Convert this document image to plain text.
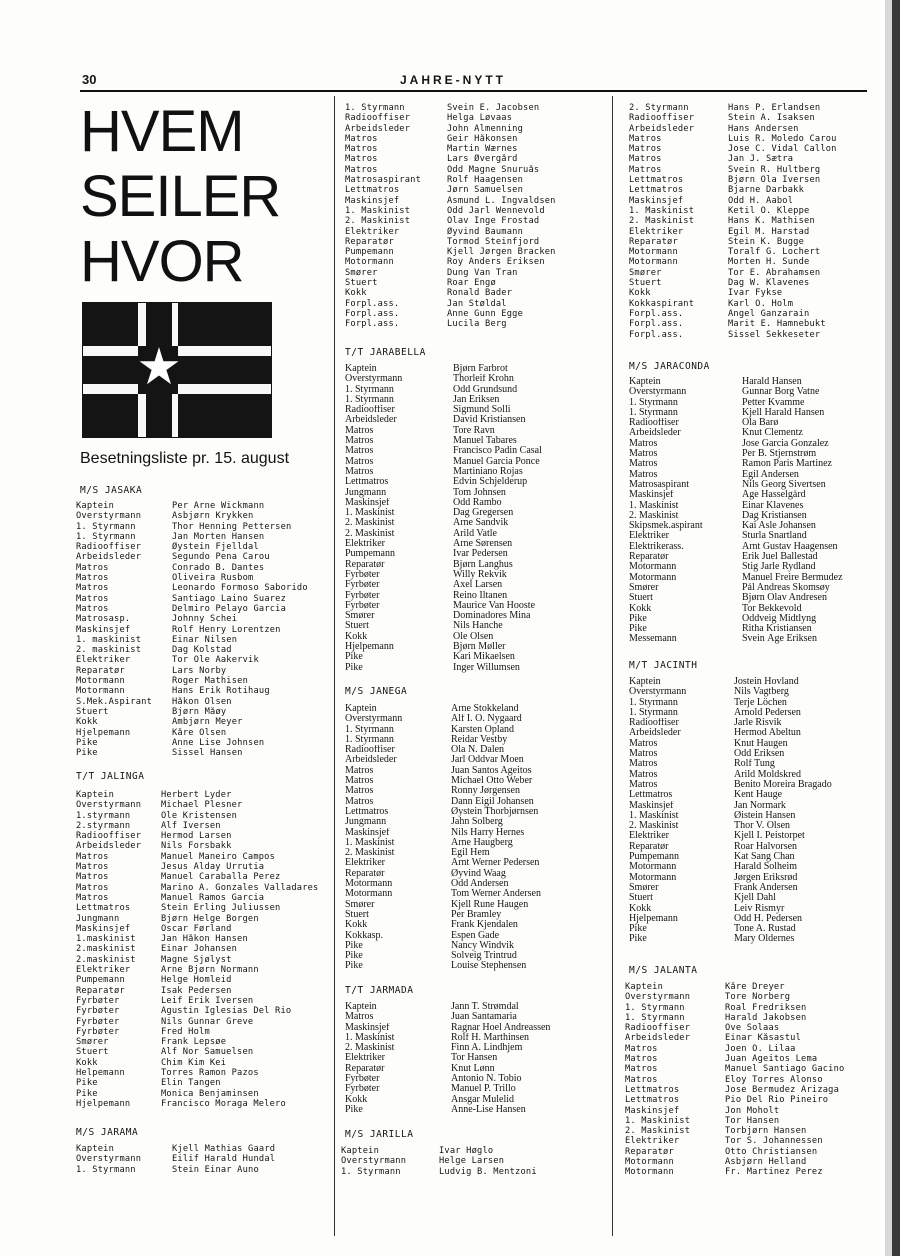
30	JAHRE-NYTT
HVEM
SEILER
HVOR
Besetningsliste pr. 15. august
M/S JASAKA
Kaptein	Per Arne Wickmann
Overstyrmann	Asbjørn Krykken
1. Styrmann	Thor Henning Pettersen
1. Styrmann	Jan Morten Hansen
Radiooffiser	Øystein Fjelldal
Arbeidsleder	Segundo Pena Carou
Matros	Conrado B. Dantes
Matros	Oliveira Rusbom
Matros	Leonardo Formoso Saborido
Matros	Santiago Laino Suarez
Matros	Delmiro Pelayo Garcia
Matrosasp.	Johnny Schei
Maskinsjef	Rolf Henry Lorentzen
1. maskinist	Einar Nilsen
2. maskinist	Dag Kolstad
Elektriker	Tor Ole Aakervik
Reparatør	Lars Norby
Motormann	Roger Mathisen
Motormann	Hans Erik Rotihaug
S.Mek.Aspirant	Håkon Olsen
Stuert	Bjørn Måøy
Kokk	Ambjørn Meyer
Hjelpemann	Kåre Olsen
Pike	Anne Lise Johnsen
Pike	Sissel Hansen
T/T JALINGA
Kaptein	Herbert Lyder
Overstyrmann	Michael Plesner
1.styrmann	Ole Kristensen
2.styrmann	Alf Iversen
Radiooffiser	Hermod Larsen
Arbeidsleder	Nils Forsbakk
Matros	Manuel Maneiro Campos
Matros	Jesus Alday Urrutia
Matros	Manuel Caraballa Perez
Matros	Marino A. Gonzales Valladares
Matros	Manuel Ramos Garcia
Lettmatros	Stein Erling Juliussen
Jungmann	Bjørn Helge Borgen
Maskinsjef	Oscar Førland
1.maskinist	Jan Håkon Hansen
2.maskinist	Einar Johansen
2.maskinist	Magne Sjølyst
Elektriker	Arne Bjørn Normann
Pumpemann	Helge Homleid
Reparatør	Isak Pedersen
Fyrbøter	Leif Erik Iversen
Fyrbøter	Agustin Iglesias Del Rio
Fyrbøter	Nils Gunnar Greve
Fyrbøter	Fred Holm
Smører	Frank Lepsøe
Stuert	Alf Nor Samuelsen
Kokk	Chim Kim Kei
Helpemann	Torres Ramon Pazos
Pike	Elin Tangen
Pike	Monica Benjaminsen
Hjelpemann	Francisco Moraga Melero
M/S JARAMA
Kaptein	Kjell Mathias Gaard
Overstyrmann	Eilif Harald Hundal
1. Styrmann	Stein Einar Auno
1. Styrmann	Svein E. Jacobsen
Radiooffiser	Helga Løvaas
Arbeidsleder	John Almenning
Matros	Geir Håkonsen
Matros	Martin Wærnes
Matros	Lars Øvergård
Matros	Odd Magne Snuruås
Matrosaspirant	Rolf Haagensen
Lettmatros	Jørn Samuelsen
Maskinsjef	Asmund L. Ingvaldsen
1. Maskinist	Odd Jarl Wennevold
2. Maskinist	Olav Inge Frostad
Elektriker	Øyvind Baumann
Reparatør	Tormod Steinfjord
Pumpemann	Kjell Jørgen Bracken
Motormann	Roy Anders Eriksen
Smører	Dung Van Tran
Stuert	Roar Engø
Kokk	Ronald Bader
Forpl.ass.	Jan Støldal
Forpl.ass.	Anne Gunn Egge
Forpl.ass.	Lucila Berg
T/T JARABELLA
Kaptein	Bjørn Farbrot
Overstyrmann	Thorleif Krohn
1. Styrmann	Odd Grundsund
1. Styrmann	Jan Eriksen
Radiooffiser	Sigmund Solli
Arbeidsleder	David Kristiansen
Matros	Tore Ravn
Matros	Manuel Tabares
Matros	Francisco Padin Casal
Matros	Manuel Garcia Ponce
Matros	Martiniano Rojas
Lettmatros	Edvin Schjelderup
Jungmann	Tom Johnsen
Maskinsjef	Odd Rambo
1. Maskinist	Dag Gregersen
2. Maskinist	Arne Sandvik
2. Maskinist	Arild Vatle
Elektriker	Arne Sørensen
Pumpemann	Ivar Pedersen
Reparatør	Bjørn Langhus
Fyrbøter	Willy Rekvik
Fyrbøter	Axel Larsen
Fyrbøter	Reino Iltanen
Fyrbøter	Maurice Van Hooste
Smører	Dominadores Mina
Stuert	Nils Hanche
Kokk	Ole Olsen
Hjelpemann	Bjørn Møller
Pike	Kari Mikaelsen
Pike	Inger Willumsen
M/S JANEGA
Kaptein	Arne Stokkeland
Overstyrmann	Alf I. O. Nygaard
1. Styrmann	Karsten Opland
1. Styrmann	Reidar Vestby
Radiooffiser	Ola N. Dalen
Arbeidsleder	Jarl Oddvar Moen
Matros	Juan Santos Ageitos
Matros	Michael Otto Weber
Matros	Ronny Jørgensen
Matros	Dann Eigil Johansen
Lettmatros	Øystein Thorbjørnsen
Jungmann	Jahn Solberg
Maskinsjef	Nils Harry Hernes
1. Maskinist	Arne Haugberg
2. Maskinist	Egil Hem
Elektriker	Arnt Werner Pedersen
Reparatør	Øyvind Waag
Motormann	Odd Andersen
Motormann	Tom Werner Andersen
Smører	Kjell Rune Haugen
Stuert	Per Bramley
Kokk	Frank Kjendalen
Kokkasp.	Espen Gade
Pike	Nancy Windvik
Pike	Solveig Trintrud
Pike	Louise Stephensen
T/T JARMADA
Kaptein	Jann T. Strømdal
Matros	Juan Santamaria
Maskinsjef	Ragnar Hoel Andreassen
1. Maskinist	Rolf H. Marthinsen
2. Maskinist	Finn A. Lindhjem
Elektriker	Tor Hansen
Reparatør	Knut Lønn
Fyrbøter	Antonio N. Tobio
Fyrbøter	Manuel P. Trillo
Kokk	Ansgar Mulelid
Pike	Anne-Lise Hansen
M/S JARILLA
Kaptein	Ivar Høglo
Overstyrmann	Helge Larsen
1. Styrmann	Ludvig B. Mentzoni
2. Styrmann	Hans P. Erlandsen
Radiooffiser	Stein A. Isaksen
Arbeidsleder	Hans Andersen
Matros	Luis R. Moledo Carou
Matros	Jose C. Vidal Callon
Matros	Jan J. Sætra
Matros	Svein R. Hultberg
Lettmatros	Bjørn Ola Iversen
Lettmatros	Bjarne Darbakk
Maskinsjef	Odd H. Aabol
1. Maskinist	Ketil O. Kleppe
2. Maskinist	Hans K. Mathisen
Elektriker	Egil M. Harstad
Reparatør	Stein K. Bugge
Motormann	Toralf G. Lochert
Motormann	Morten H. Sunde
Smører	Tor E. Abrahamsen
Stuert	Dag W. Klavenes
Kokk	Ivar Fykse
Kokkaspirant	Karl O. Holm
Forpl.ass.	Angel Ganzarain
Forpl.ass.	Marit E. Hamnebukt
Forpl.ass.	Sissel Sekkeseter
M/S JARACONDA
Kaptein	Harald Hansen
Overstyrmann	Gunnar Borg Vatne
1. Styrmann	Petter Kvamme
1. Styrmann	Kjell Harald Hansen
Radiooffiser	Ola Barø
Arbeidsleder	Knut Clementz
Matros	Jose Garcia Gonzalez
Matros	Per B. Stjernstrøm
Matros	Ramon Paris Martinez
Matros	Egil Andersen
Matrosaspirant	Nils Georg Sivertsen
Maskinsjef	Åge Hasselgård
1. Maskinist	Einar Klavenes
2. Maskinist	Dag Kristiansen
Skipsmek.aspirant	Kai Asle Johansen
Elektriker	Sturla Snartland
Elektrikerass.	Arnt Gustav Haagensen
Reparatør	Erik Juel Ballestad
Motormann	Stig Jarle Rydland
Motormann	Manuel Freire Bermudez
Smører	Pål Andreas Skomsøy
Stuert	Bjørn Olav Andresen
Kokk	Tor Bekkevold
Pike	Oddveig Midtlyng
Pike	Ritha Kristiansen
Messemann	Svein Åge Eriksen
M/T JACINTH
Kaptein	Jostein Hovland
Overstyrmann	Nils Vagtberg
1. Styrmann	Terje Löchen
1. Styrmann	Arnold Pedersen
Radiooffiser	Jarle Risvik
Arbeidsleder	Hermod Abeltun
Matros	Knut Haugen
Matros	Odd Eriksen
Matros	Rolf Tung
Matros	Arild Moldskred
Matros	Benito Moreira Bragado
Lettmatros	Kent Hauge
Maskinsjef	Jan Normark
1. Maskinist	Øistein Hansen
2. Maskinist	Thor V. Olsen
Elektriker	Kjell I. Peistorpet
Reparatør	Roar Halvorsen
Pumpemann	Kat Sang Chan
Motormann	Harald Solheim
Motormann	Jørgen Eriksrød
Smører	Frank Andersen
Stuert	Kjell Dahl
Kokk	Leiv Rismyr
Hjelpemann	Odd H. Pedersen
Pike	Tone A. Rustad
Pike	Mary Oldernes
M/S JALANTA
Kaptein	Kåre Dreyer
Overstyrmann	Tore Norberg
1. Styrmann	Roal Fredriksen
1. Styrmann	Harald Jakobsen
Radiooffiser	Ove Solaas
Arbeidsleder	Einar Kåsastul
Matros	Joen O. Lilaa
Matros	Juan Ageitos Lema
Matros	Manuel Santiago Gacino
Matros	Eloy Torres Alonso
Lettmatros	Jose Bermudez Arizaga
Lettmatros	Pio Del Rio Pineiro
Maskinsjef	Jon Moholt
1. Maskinist	Tor Hansen
2. Maskinist	Torbjørn Hansen
Elektriker	Tor S. Johannessen
Reparatør	Otto Christiansen
Motormann	Asbjørn Helland
Motormann	Fr. Martinez Perez
